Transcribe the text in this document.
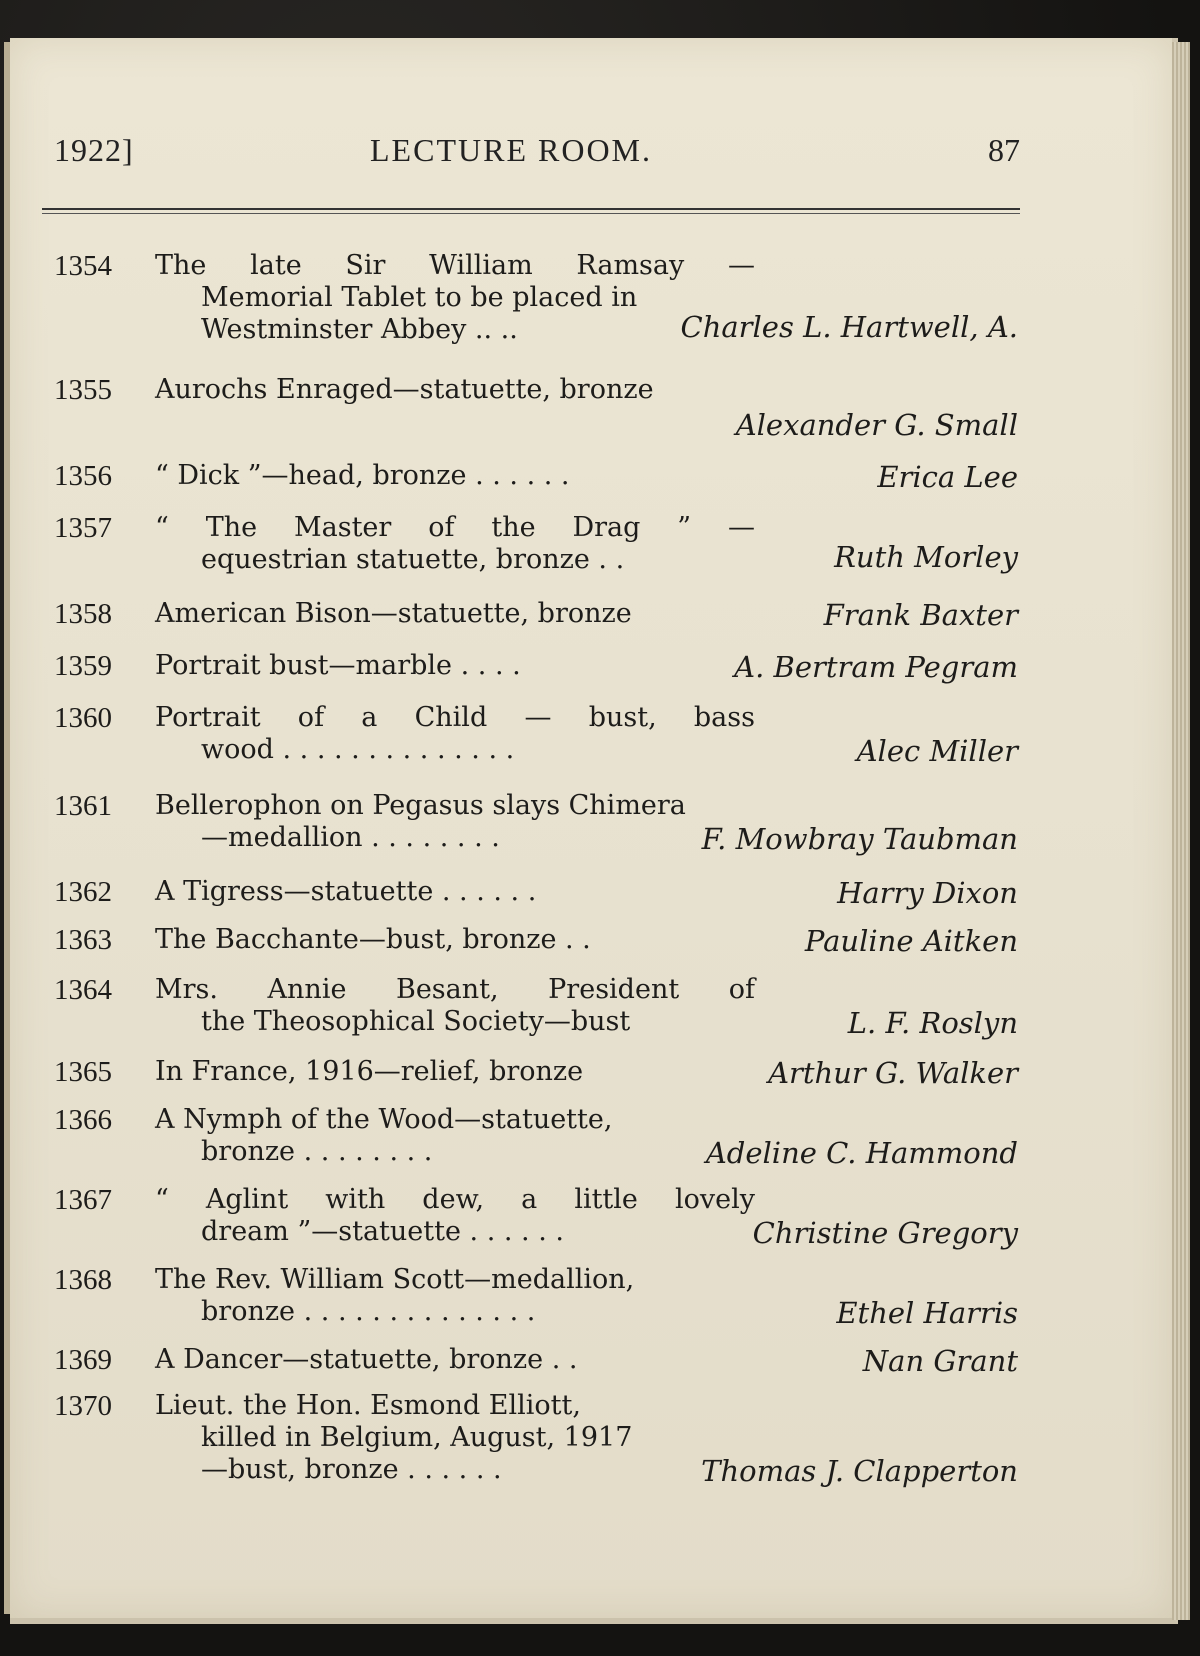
1922]	LECTURE ROOM.	87
1354 The late Sir William Ramsay —
Memorial Tablet to be placed in
Westminster Abbey .. ..	Charles L. Hartwell, A.
1355 Aurochs Enraged—statuette, bronze
Alexander G. Small
1356 “ Dick ”—head, bronze . . . . . .	Erica Lee
1357 “ The Master of the Drag ” —
equestrian statuette, bronze . .	Ruth Morley
1358 American Bison—statuette, bronze	Frank Baxter
1359 Portrait bust—marble . . . .	A. Bertram Pegram
1360 Portrait of a Child — bust, bass
wood . . . . . . . . . . . . . .	Alec Miller
1361 Bellerophon on Pegasus slays Chimera
—medallion . . . . . . . .	F. Mowbray Taubman
1362 A Tigress—statuette . . . . . .	Harry Dixon
1363 The Bacchante—bust, bronze . .	Pauline Aitken
1364 Mrs. Annie Besant, President of
the Theosophical Society—bust	L. F. Roslyn
1365 In France, 1916—relief, bronze	Arthur G. Walker
1366 A Nymph of the Wood—statuette,
bronze . . . . . . . .	Adeline C. Hammond
1367 “ Aglint with dew, a little lovely
dream ”—statuette . . . . . .	Christine Gregory
1368 The Rev. William Scott—medallion,
bronze . . . . . . . . . . . . . .	Ethel Harris
1369 A Dancer—statuette, bronze . .	Nan Grant
1370 Lieut. the Hon. Esmond Elliott,
killed in Belgium, August, 1917
—bust, bronze . . . . . .	Thomas J. Clapperton
